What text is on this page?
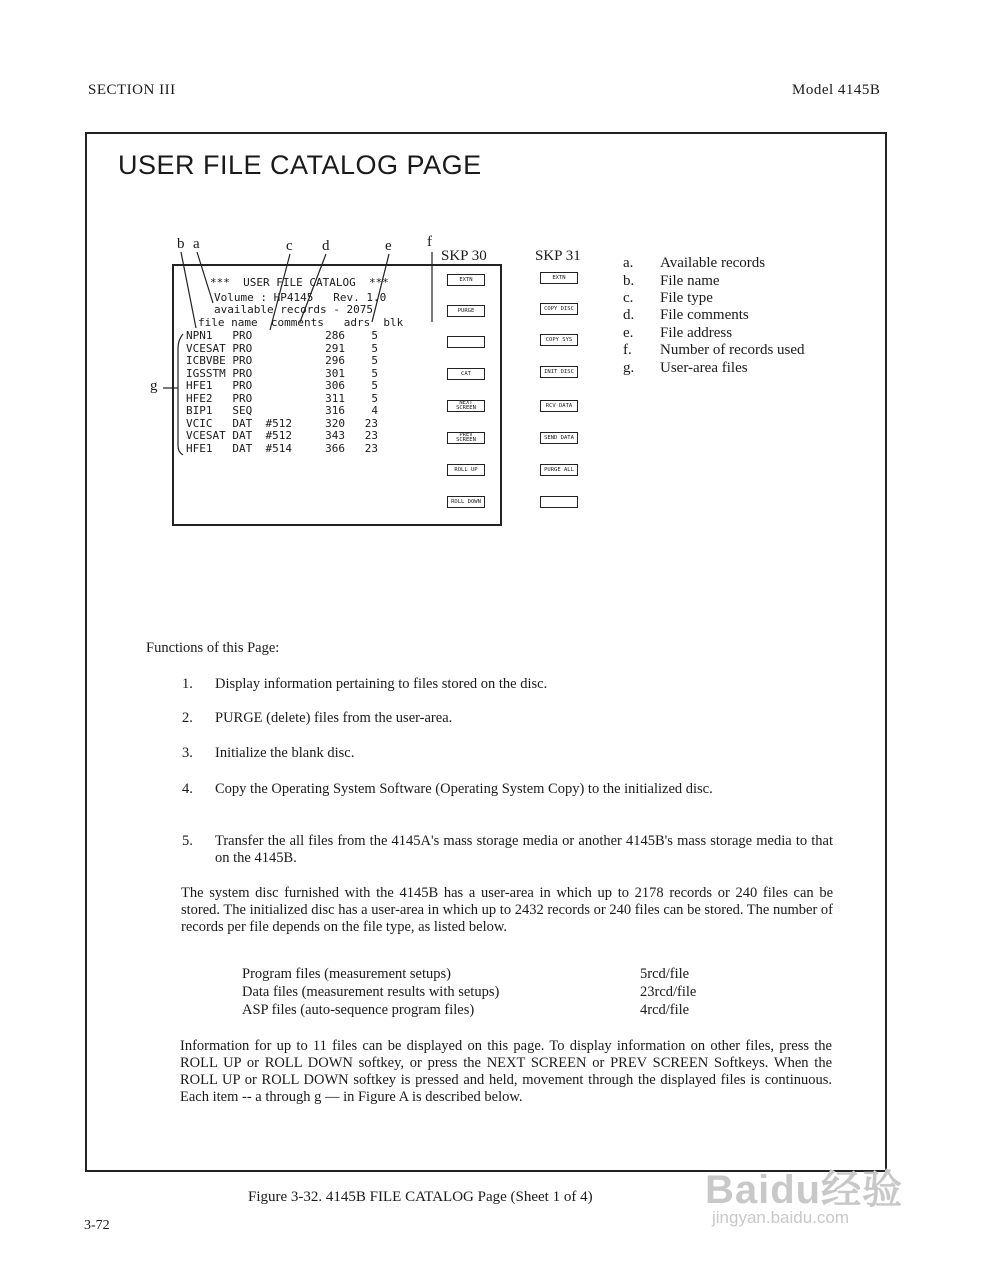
SECTION III	Model 4145B
USER FILE CATALOG PAGE
b a	c d	e f
g
***  USER FILE CATALOG  ***
Volume : HP4145   Rev. 1.0
available records - 2075
file name  comments   adrs  blk
NPN1   PRO           286    5
VCESAT PRO           291    5
ICBVBE PRO           296    5
IGSSTM PRO           301    5
HFE1   PRO           306    5
HFE2   PRO           311    5
BIP1   SEQ           316    4
VCIC   DAT  #512     320   23
VCESAT DAT  #512     343   23
HFE1   DAT  #514     366   23
SKP 30
EXTN
PURGE
CAT
NEXT SCREEN
PREV SCREEN
ROLL UP
ROLL DOWN
SKP 31
EXTN
COPY DISC
COPY SYS
INIT DISC
RCV DATA
SEND DATA
PURGE ALL
a. Available records
b. File name
c. File type
d. File comments
e. File address
f. Number of records used
g. User-area files
Functions of this Page:
1. Display information pertaining to files stored on the disc.
2. PURGE (delete) files from the user-area.
3. Initialize the blank disc.
4. Copy the Operating System Software (Operating System Copy) to the initialized disc.
5. Transfer the all files from the 4145A's mass storage media or another 4145B's mass storage media to that on the 4145B.
The system disc furnished with the 4145B has a user-area in which up to 2178 records or 240 files can be stored. The initialized disc has a user-area in which up to 2432 records or 240 files can be stored. The number of records per file depends on the file type, as listed below.
Program files (measurement setups)	5rcd/file
Data files (measurement results with setups)	23rcd/file
ASP files (auto-sequence program files)	4rcd/file
Information for up to 11 files can be displayed on this page. To display information on other files, press the ROLL UP or ROLL DOWN softkey, or press the NEXT SCREEN or PREV SCREEN Softkeys. When the ROLL UP or ROLL DOWN softkey is pressed and held, movement through the displayed files is continuous. Each item -- a through g — in Figure A is described below.
Figure 3-32. 4145B FILE CATALOG Page (Sheet 1 of 4)
3-72
Baidu经验
jingyan.baidu.com
